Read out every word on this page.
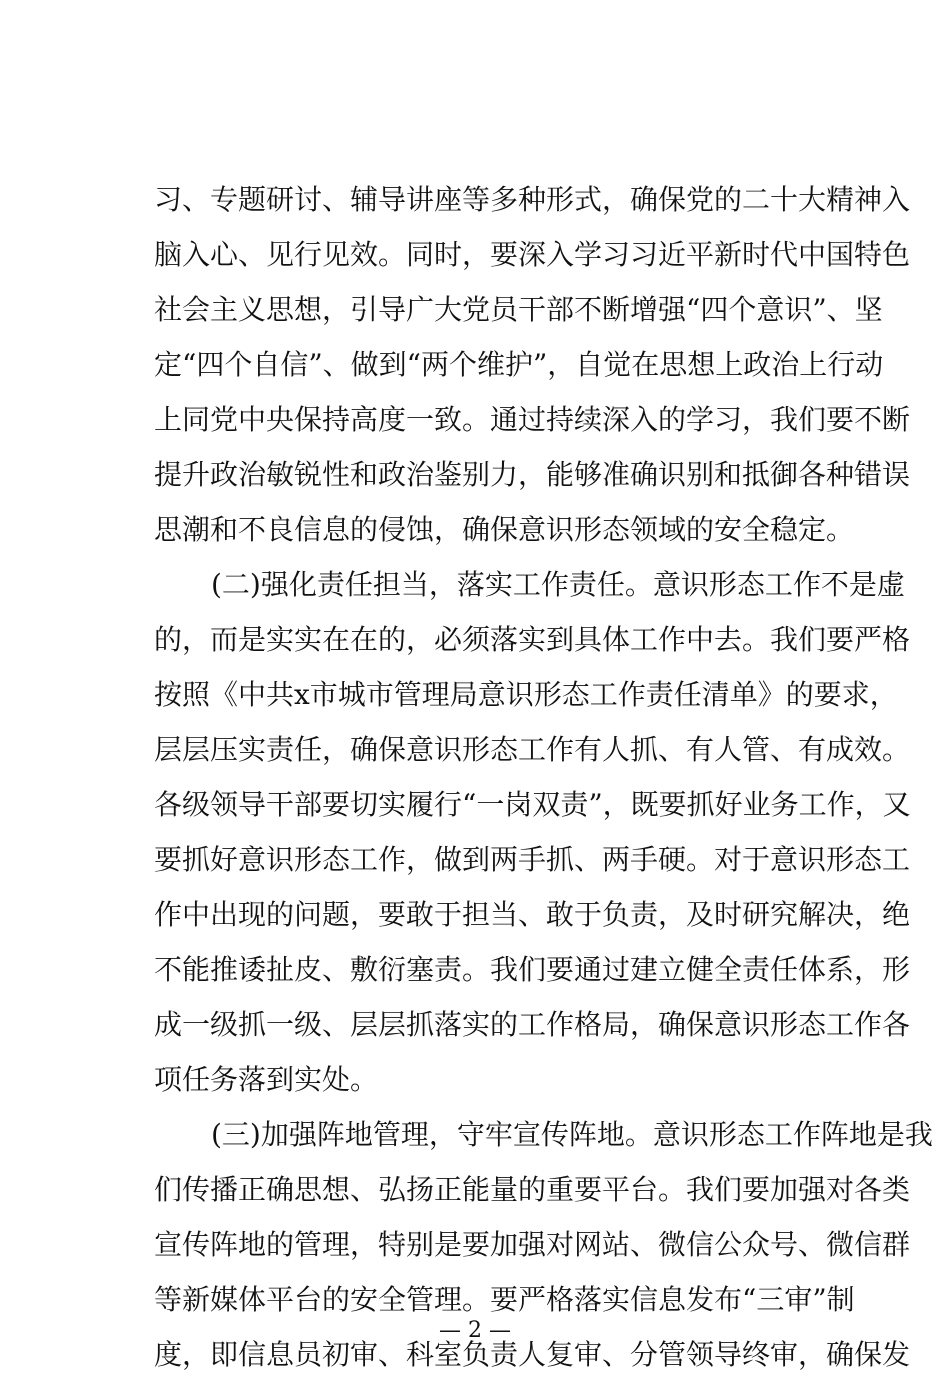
习、专题研讨、辅导讲座等多种形式，确保党的二十大精神入
脑入心、见行见效。同时，要深入学习习近平新时代中国特色
社会主义思想，引导广大党员干部不断增强“四个意识”、坚
定“四个自信”、做到“两个维护”，自觉在思想上政治上行动
上同党中央保持高度一致。通过持续深入的学习，我们要不断
提升政治敏锐性和政治鉴别力，能够准确识别和抵御各种错误
思潮和不良信息的侵蚀，确保意识形态领域的安全稳定。
(二)强化责任担当，落实工作责任。意识形态工作不是虚
的，而是实实在在的，必须落实到具体工作中去。我们要严格
按照《中共x市城市管理局意识形态工作责任清单》的要求，
层层压实责任，确保意识形态工作有人抓、有人管、有成效。
各级领导干部要切实履行“一岗双责”，既要抓好业务工作，又
要抓好意识形态工作，做到两手抓、两手硬。对于意识形态工
作中出现的问题，要敢于担当、敢于负责，及时研究解决，绝
不能推诿扯皮、敷衍塞责。我们要通过建立健全责任体系，形
成一级抓一级、层层抓落实的工作格局，确保意识形态工作各
项任务落到实处。
(三)加强阵地管理，守牢宣传阵地。意识形态工作阵地是我
们传播正确思想、弘扬正能量的重要平台。我们要加强对各类
宣传阵地的管理，特别是要加强对网站、微信公众号、微信群
等新媒体平台的安全管理。要严格落实信息发布“三审”制
度，即信息员初审、科室负责人复审、分管领导终审，确保发
— 2 —
